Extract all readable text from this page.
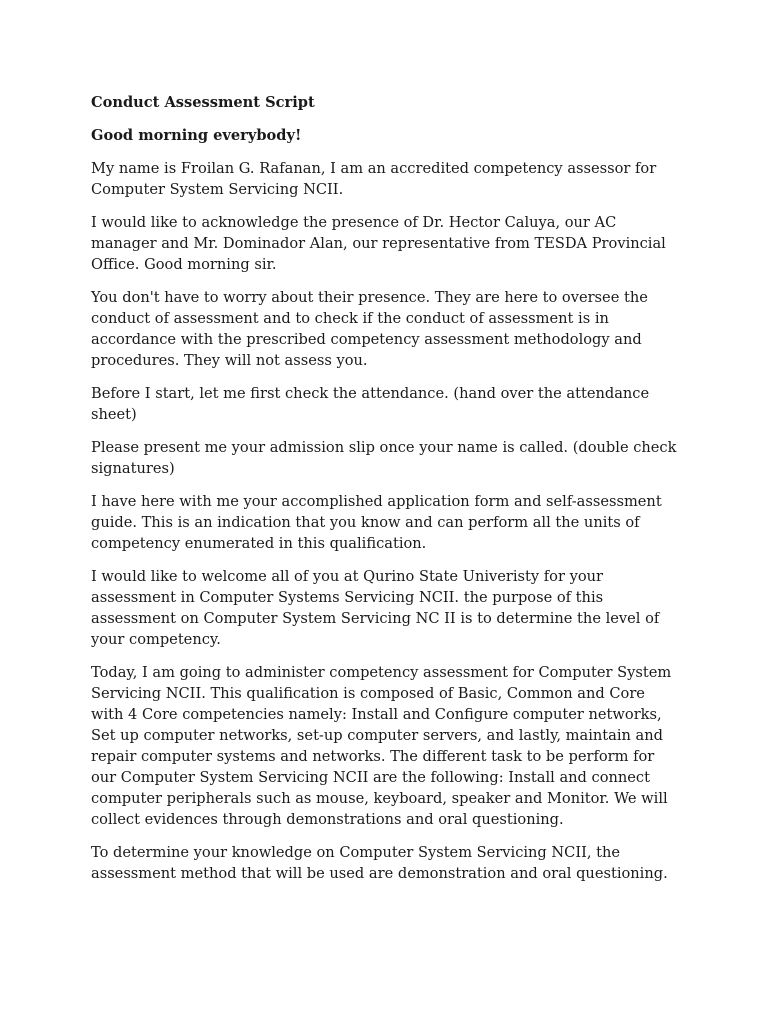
Conduct Assessment Script

Good morning everybody!

My name is Froilan G. Rafanan, I am an accredited competency assessor for Computer System Servicing NCII.

I would like to acknowledge the presence of Dr. Hector Caluya, our AC manager and Mr. Dominador Alan, our representative from TESDA Provincial Office. Good morning sir.

You don't have to worry about their presence. They are here to oversee the conduct of assessment and to check if the conduct of assessment is in accordance with the prescribed competency assessment methodology and procedures. They will not assess you.

Before I start, let me first check the attendance. (hand over the attendance sheet)

Please present me your admission slip once your name is called. (double check signatures)

I have here with me your accomplished application form and self-assessment guide. This is an indication that you know and can perform all the units of competency enumerated in this qualification.

I would like to welcome all of you at Qurino State Univeristy for your assessment in Computer Systems Servicing NCII. the purpose of this assessment on Computer System Servicing NC II is to determine the level of your competency.

Today, I am going to administer competency assessment for Computer System Servicing NCII. This qualification is composed of Basic, Common and Core with 4 Core competencies namely: Install and Configure computer networks, Set up computer networks, set-up computer servers, and lastly, maintain and repair computer systems and networks. The different task to be perform for our Computer System Servicing NCII are the following: Install and connect computer peripherals such as mouse, keyboard, speaker and Monitor. We will collect evidences through demonstrations and oral questioning.

To determine your knowledge on Computer System Servicing NCII, the assessment method that will be used are demonstration and oral questioning.
